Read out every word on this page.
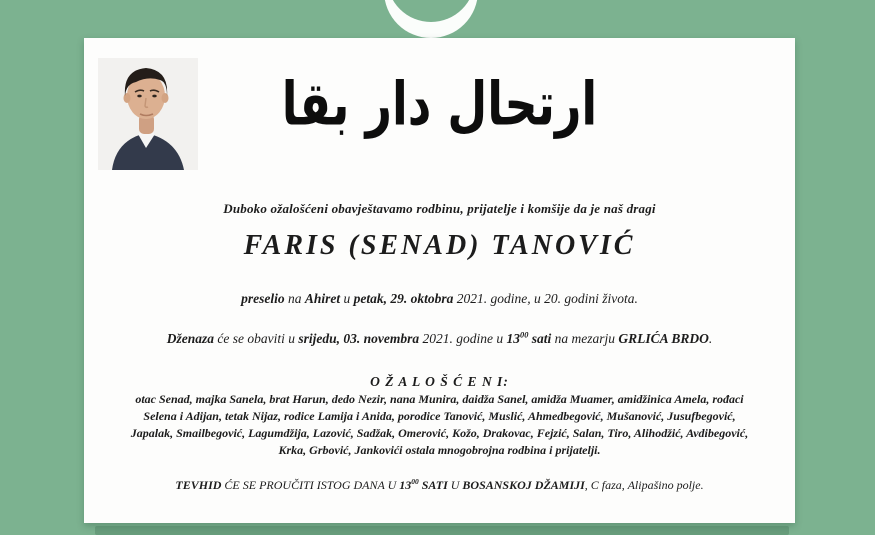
ارتحال دار بقا
Duboko ožalošćeni obavještavamo rodbinu, prijatelje i komšije da je naš dragi
FARIS (SENAD) TANOVIĆ
preselio na Ahiret u petak, 29. oktobra 2021. godine, u 20. godini života.
Dženaza će se obaviti u srijedu, 03. novembra 2021. godine u $13^{00}$ sati na mezarju GRLIĆA BRDO.
O Ž A L O Š Ć E N I:
otac Senad, majka Sanela, brat Harun, dedo Nezir, nana Munira, daidža Sanel, amidža Muamer, amidžinica Amela, rođaci
Selena i Adijan, tetak Nijaz, rodice Lamija i Anida, porodice Tanović, Muslić, Ahmedbegović, Mušanović, Jusufbegović,
Japalak, Smailbegović, Lagumdžija, Lazović, Sadžak, Omerović, Kožo, Drakovac, Fejzić, Salan, Tiro, Alihodžić, Avdibegović,
Krka, Grbović, Jankovići ostala mnogobrojna rodbina i prijatelji.
TEVHID ĆE SE PROUČITI ISTOG DANA U $13^{00}$ SATI U BOSANSKOJ DŽAMIJI, C faza, Alipašino polje.
